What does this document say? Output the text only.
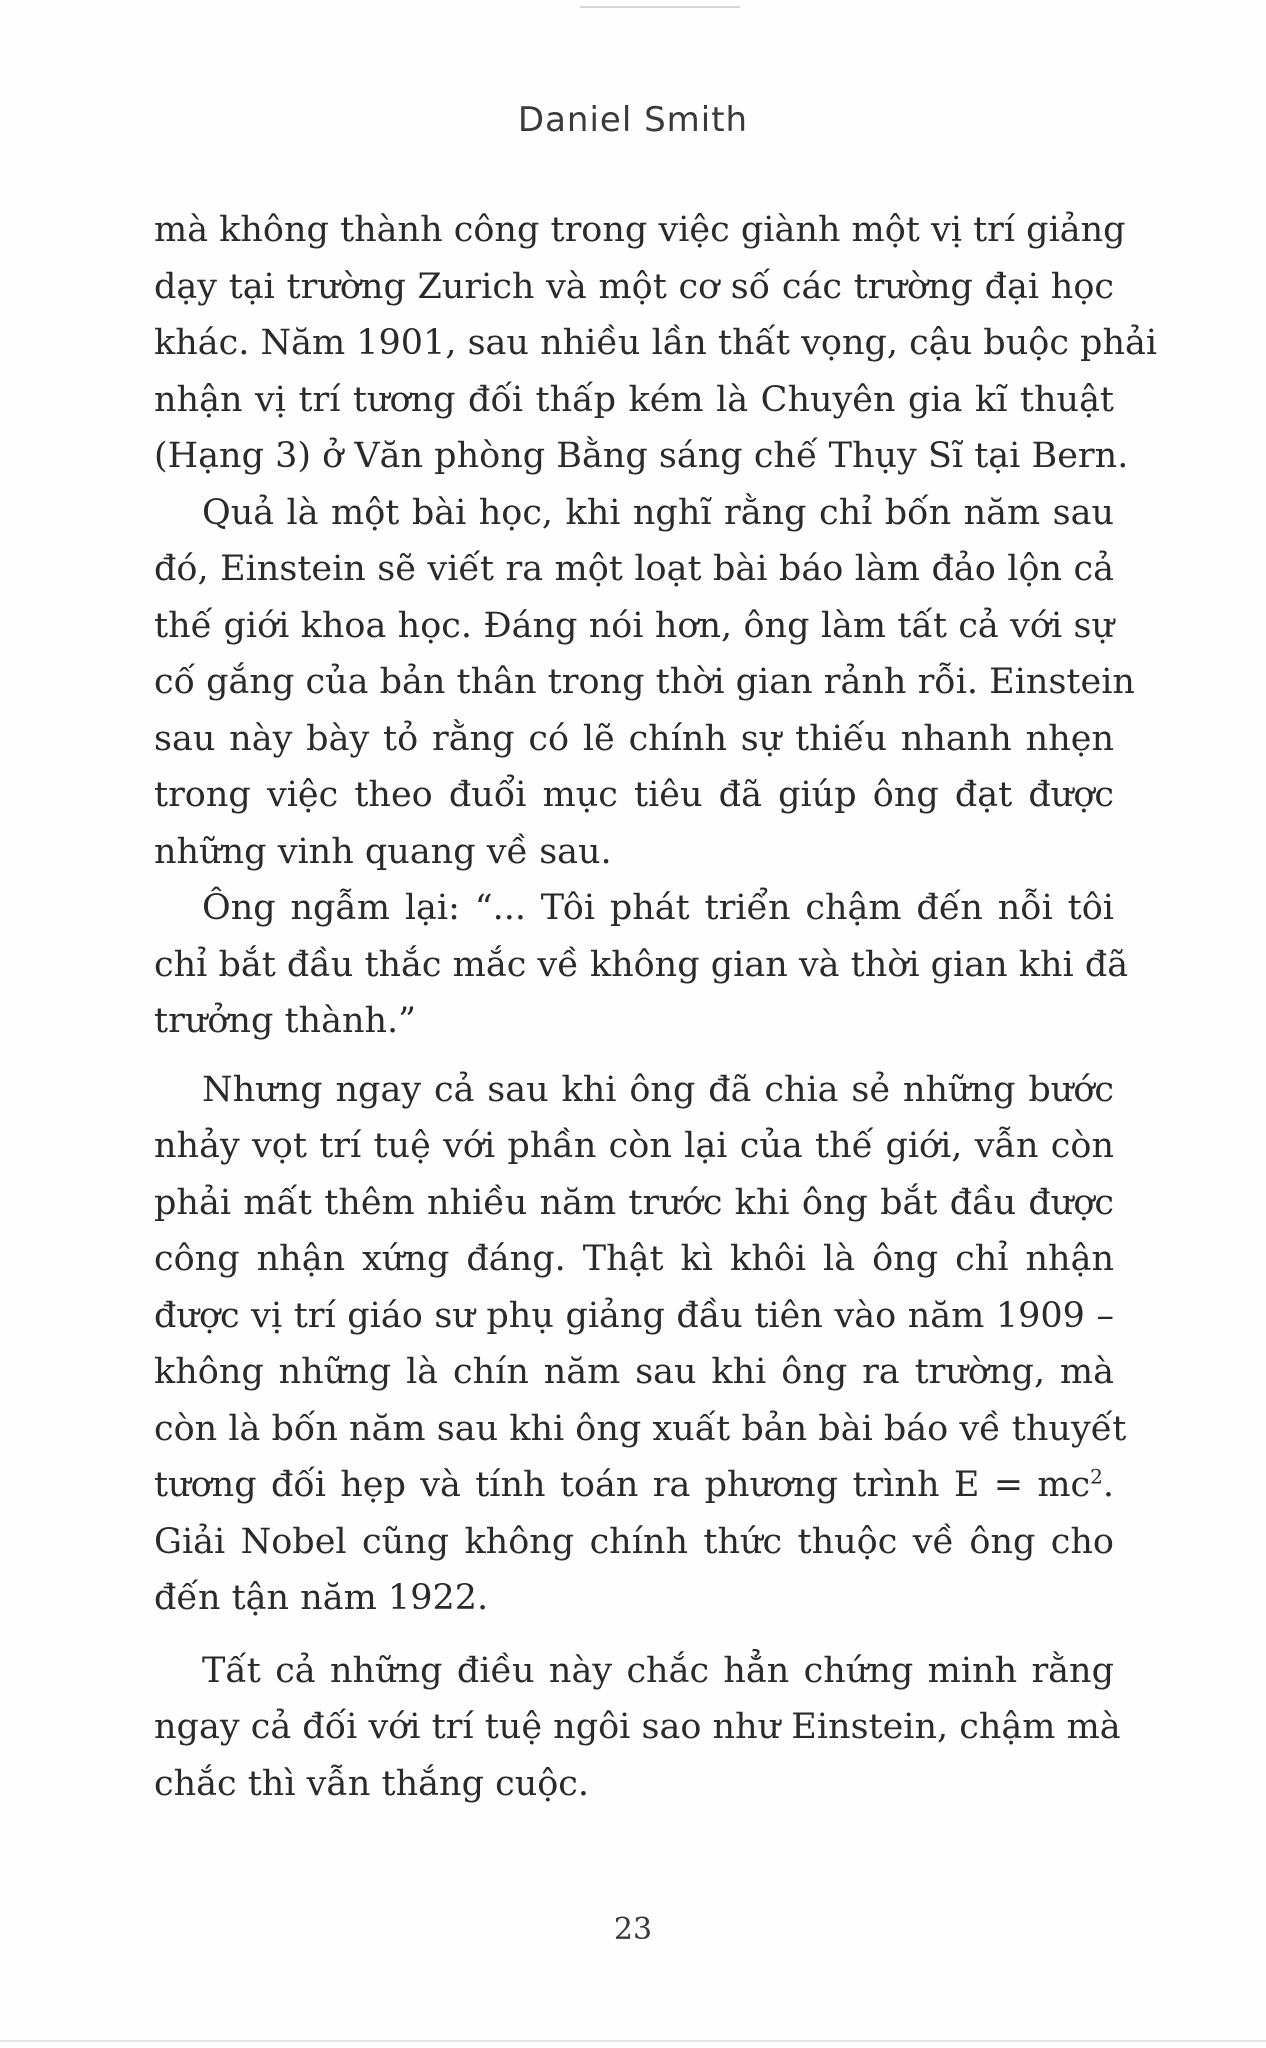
Daniel Smith
mà không thành công trong việc giành một vị trí giảng
dạy tại trường Zurich và một cơ số các trường đại học
khác. Năm 1901, sau nhiều lần thất vọng, cậu buộc phải
nhận vị trí tương đối thấp kém là Chuyên gia kĩ thuật
(Hạng 3) ở Văn phòng Bằng sáng chế Thụy Sĩ tại Bern.
Quả là một bài học, khi nghĩ rằng chỉ bốn năm sau
đó, Einstein sẽ viết ra một loạt bài báo làm đảo lộn cả
thế giới khoa học. Đáng nói hơn, ông làm tất cả với sự
cố gắng của bản thân trong thời gian rảnh rỗi. Einstein
sau này bày tỏ rằng có lẽ chính sự thiếu nhanh nhẹn
trong việc theo đuổi mục tiêu đã giúp ông đạt được
những vinh quang về sau.
Ông ngẫm lại: “... Tôi phát triển chậm đến nỗi tôi
chỉ bắt đầu thắc mắc về không gian và thời gian khi đã
trưởng thành.”
Nhưng ngay cả sau khi ông đã chia sẻ những bước
nhảy vọt trí tuệ với phần còn lại của thế giới, vẫn còn
phải mất thêm nhiều năm trước khi ông bắt đầu được
công nhận xứng đáng. Thật kì khôi là ông chỉ nhận
được vị trí giáo sư phụ giảng đầu tiên vào năm 1909 –
không những là chín năm sau khi ông ra trường, mà
còn là bốn năm sau khi ông xuất bản bài báo về thuyết
tương đối hẹp và tính toán ra phương trình $E = mc^2$.
Giải Nobel cũng không chính thức thuộc về ông cho
đến tận năm 1922.
Tất cả những điều này chắc hẳn chứng minh rằng
ngay cả đối với trí tuệ ngôi sao như Einstein, chậm mà
chắc thì vẫn thắng cuộc.
23
